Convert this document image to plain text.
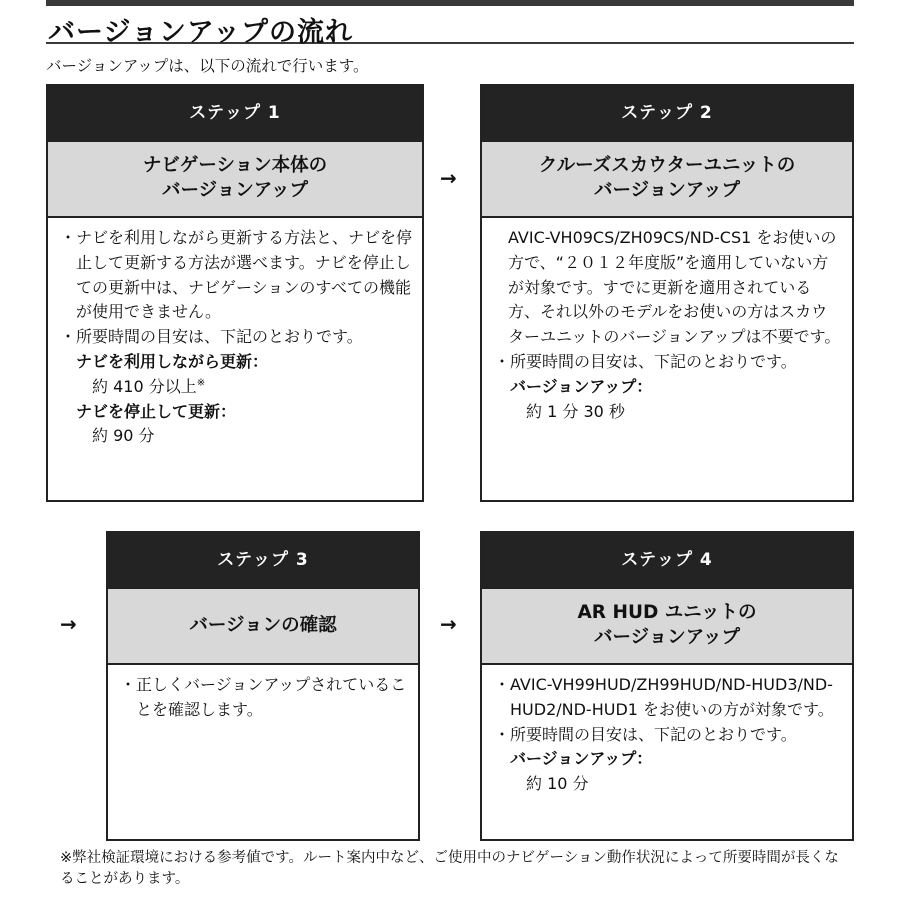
バージョンアップの流れ
バージョンアップは、以下の流れで行います。
ステップ 1
ナビゲーション本体の
バージョンアップ
・ ナビを利用しながら更新する方法と、ナビを停止して更新する方法が選べます。ナビを停止しての更新中は、ナビゲーションのすべての機能が使用できません。
・ 所要時間の目安は、下記のとおりです。
ナビを利用しながら更新：
約 410 分以上※
ナビを停止して更新：
約 90 分
→
ステップ 2
クルーズスカウターユニットの
バージョンアップ
AVIC-VH09CS/ZH09CS/ND-CS1 をお使いの方で、“２０１２年度版”を適用していない方が対象です。すでに更新を適用されている方、それ以外のモデルをお使いの方はスカウターユニットのバージョンアップは不要です。
・ 所要時間の目安は、下記のとおりです。
バージョンアップ：
約 1 分 30 秒
→
ステップ 3
バージョンの確認
・ 正しくバージョンアップされていることを確認します。
→
ステップ 4
AR HUD ユニットの
バージョンアップ
・ AVIC-VH99HUD/ZH99HUD/ND-HUD3/ND-HUD2/ND-HUD1 をお使いの方が対象です。
・ 所要時間の目安は、下記のとおりです。
バージョンアップ：
約 10 分
※弊社検証環境における参考値です。ルート案内中など、ご使用中のナビゲーション動作状況によって所要時間が長くなることがあります。
